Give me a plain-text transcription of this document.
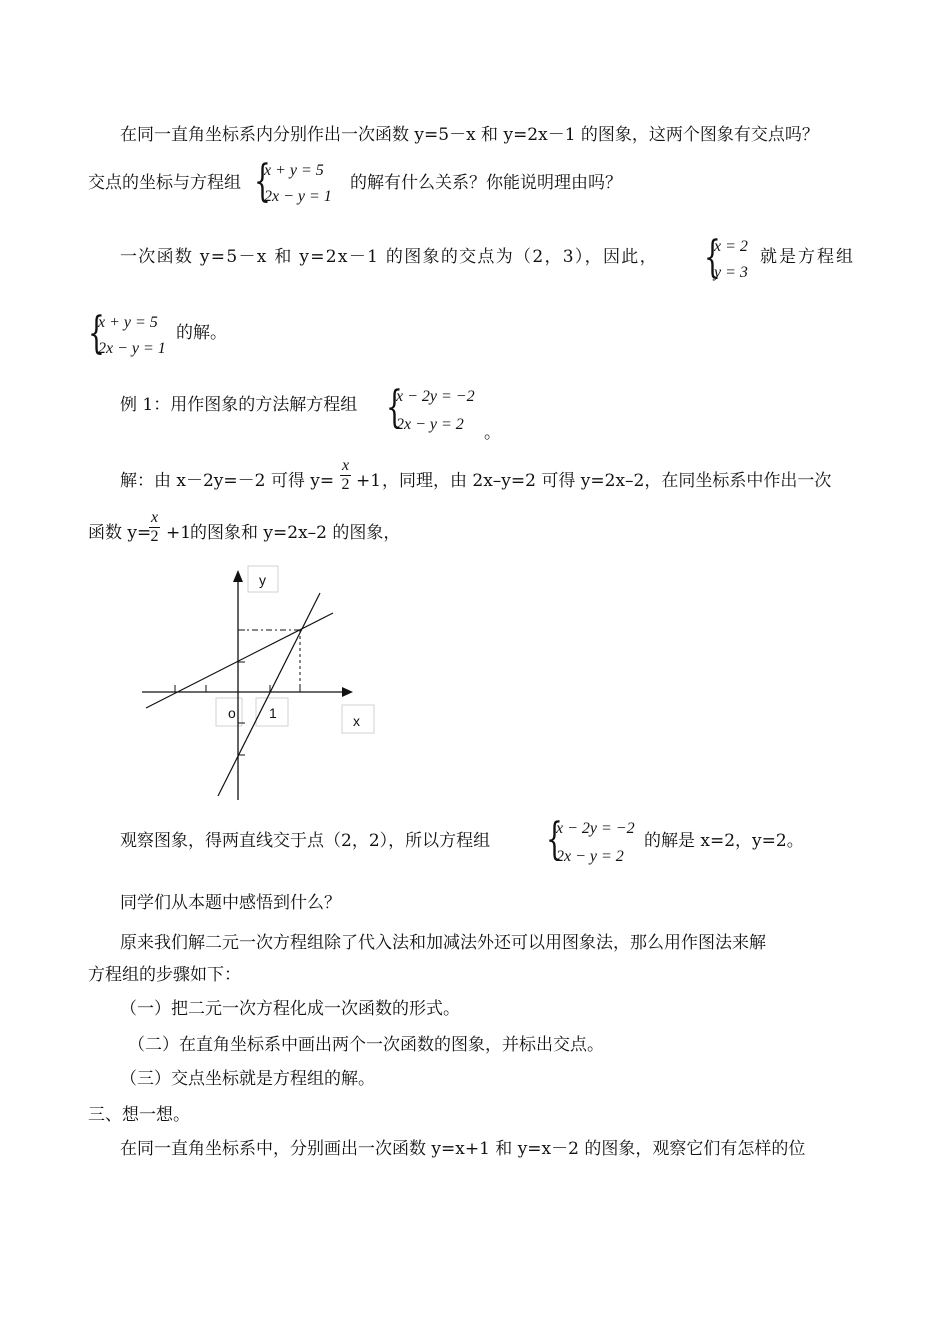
在同一直角坐标系内分别作出一次函数 y=5－x 和 y=2x－1 的图象，这两个图象有交点吗？
交点的坐标与方程组 {
x + y = 5
2x − y = 1
的解有什么关系？你能说明理由吗？
一次函数 y=5－x 和 y=2x－1 的图象的交点为（2，3），因此， {
x = 2
y = 3
就是方程组
{
x + y = 5
2x − y = 1
的解。
例 1：用作图象的方法解方程组 {
x − 2y = −2
2x − y = 2 。
解：由 x－2y=－2 可得 $y= \frac{x}{2} +1$ ，同理，由 2x–y=2 可得 y=2x–2，在同坐标系中作出一次
函数 y=
$\frac{x}{2} +1$
的图象和 y=2x–2 的图象，
y
x
o 1
观察图象，得两直线交于点（2，2），所以方程组 {
x − 2y = −2
2x − y = 2
的解是 x=2，y=2。
同学们从本题中感悟到什么？
原来我们解二元一次方程组除了代入法和加减法外还可以用图象法，那么用作图法来解
方程组的步骤如下：
（一）把二元一次方程化成一次函数的形式。
（二）在直角坐标系中画出两个一次函数的图象，并标出交点。
（三）交点坐标就是方程组的解。
三、想一想。
在同一直角坐标系中，分别画出一次函数 y=x+1 和 y=x－2 的图象，观察它们有怎样的位
